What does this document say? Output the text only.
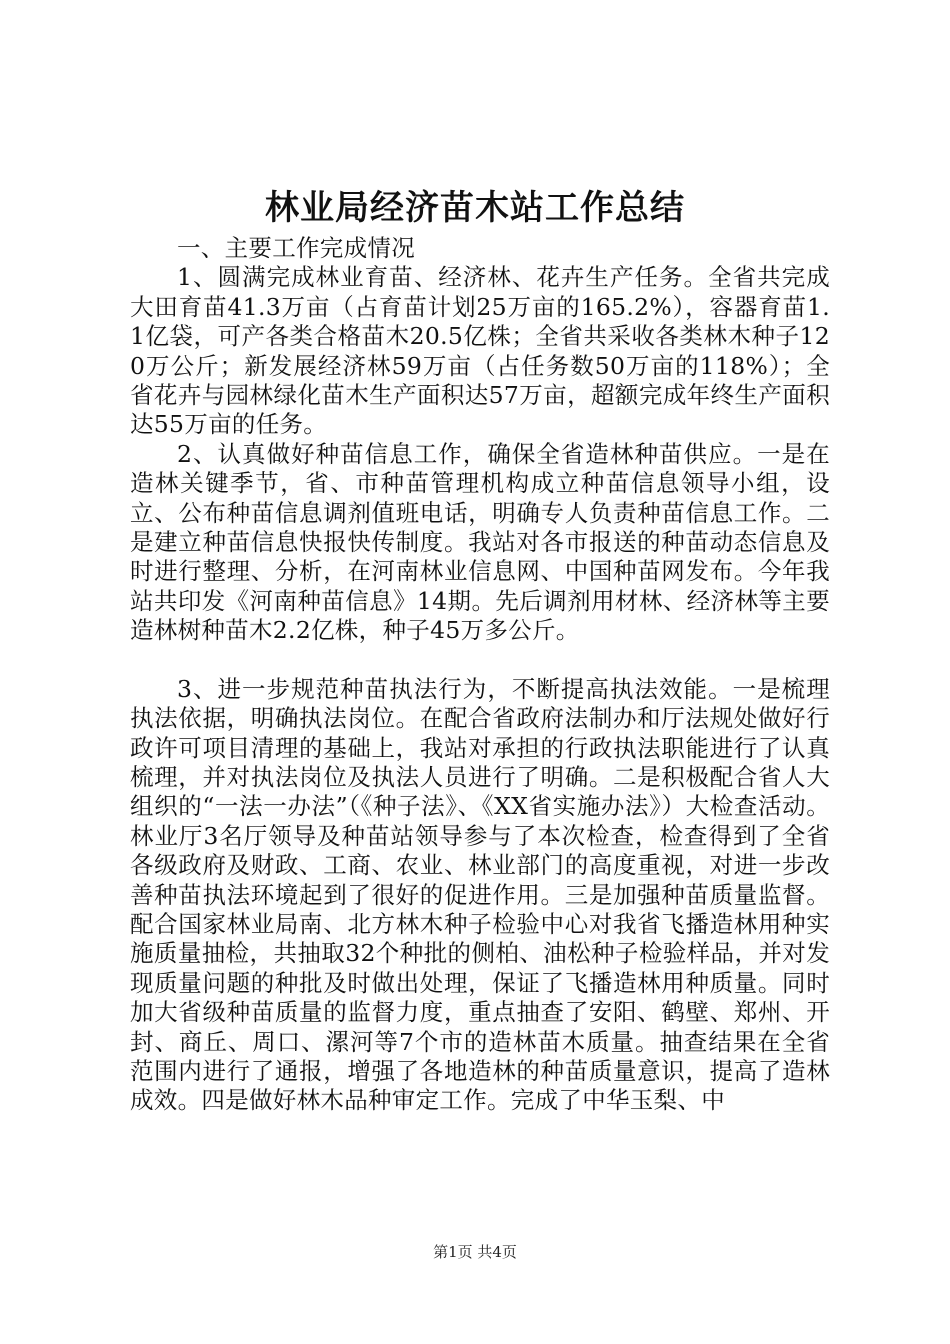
林业局经济苗木站工作总结

一、主要工作完成情况

1、圆满完成林业育苗、经济林、花卉生产任务。全省共完成大田育苗41.3万亩（占育苗计划25万亩的165.2%），容器育苗1.1亿袋，可产各类合格苗木20.5亿株；全省共采收各类林木种子120万公斤；新发展经济林59万亩（占任务数50万亩的118%）；全省花卉与园林绿化苗木生产面积达57万亩，超额完成年终生产面积达55万亩的任务。

2、认真做好种苗信息工作，确保全省造林种苗供应。一是在造林关键季节，省、市种苗管理机构成立种苗信息领导小组，设立、公布种苗信息调剂值班电话，明确专人负责种苗信息工作。二是建立种苗信息快报快传制度。我站对各市报送的种苗动态信息及时进行整理、分析，在河南林业信息网、中国种苗网发布。今年我站共印发《河南种苗信息》14期。先后调剂用材林、经济林等主要造林树种苗木2.2亿株，种子45万多公斤。

3、进一步规范种苗执法行为，不断提高执法效能。一是梳理执法依据，明确执法岗位。在配合省政府法制办和厅法规处做好行政许可项目清理的基础上，我站对承担的行政执法职能进行了认真梳理，并对执法岗位及执法人员进行了明确。二是积极配合省人大组织的“一法一办法”（《种子法》、《XX省实施办法》）大检查活动。林业厅3名厅领导及种苗站领导参与了本次检查，检查得到了全省各级政府及财政、工商、农业、林业部门的高度重视，对进一步改善种苗执法环境起到了很好的促进作用。三是加强种苗质量监督。配合国家林业局南、北方林木种子检验中心对我省飞播造林用种实施质量抽检，共抽取32个种批的侧柏、油松种子检验样品，并对发现质量问题的种批及时做出处理，保证了飞播造林用种质量。同时加大省级种苗质量的监督力度，重点抽查了安阳、鹤壁、郑州、开封、商丘、周口、漯河等7个市的造林苗木质量。抽查结果在全省范围内进行了通报，增强了各地造林的种苗质量意识，提高了造林成效。四是做好林木品种审定工作。完成了中华玉梨、中

第1页 共4页
